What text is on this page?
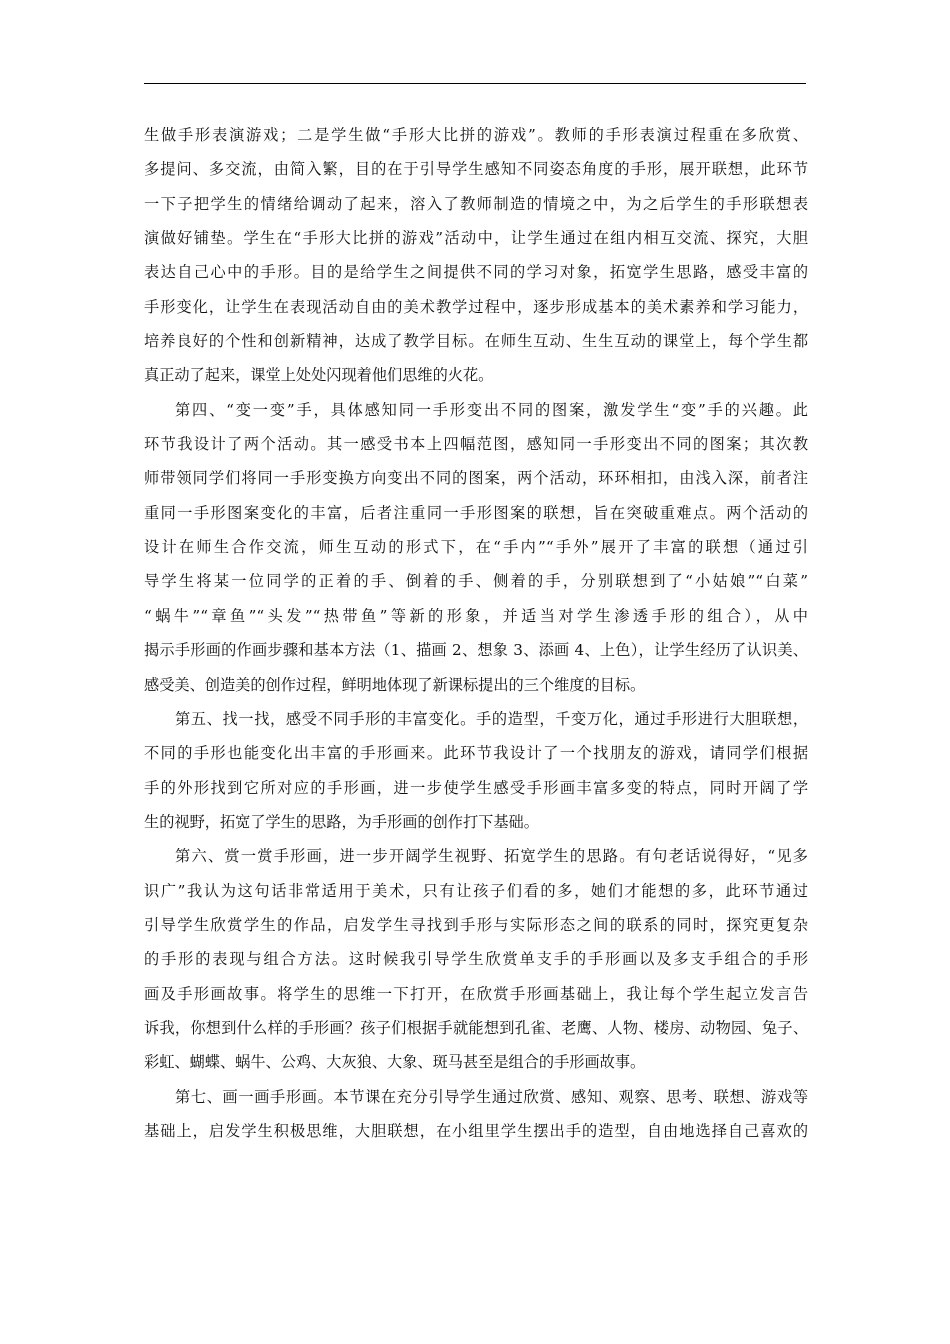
生做手形表演游戏；二是学生做“手形大比拼的游戏”。教师的手形表演过程重在多欣赏、
多提问、多交流，由简入繁，目的在于引导学生感知不同姿态角度的手形，展开联想，此环节
一下子把学生的情绪给调动了起来，溶入了教师制造的情境之中，为之后学生的手形联想表
演做好铺垫。学生在“手形大比拼的游戏”活动中，让学生通过在组内相互交流、探究，大胆
表达自己心中的手形。目的是给学生之间提供不同的学习对象，拓宽学生思路，感受丰富的
手形变化，让学生在表现活动自由的美术教学过程中，逐步形成基本的美术素养和学习能力，
培养良好的个性和创新精神，达成了教学目标。在师生互动、生生互动的课堂上，每个学生都
真正动了起来，课堂上处处闪现着他们思维的火花。
第四、“变一变”手，具体感知同一手形变出不同的图案，激发学生“变”手的兴趣。此
环节我设计了两个活动。其一感受书本上四幅范图，感知同一手形变出不同的图案；其次教
师带领同学们将同一手形变换方向变出不同的图案，两个活动，环环相扣，由浅入深，前者注
重同一手形图案变化的丰富，后者注重同一手形图案的联想，旨在突破重难点。两个活动的
设计在师生合作交流，师生互动的形式下，在“手内”“手外”展开了丰富的联想（通过引
导学生将某一位同学的正着的手、倒着的手、侧着的手，分别联想到了“小姑娘”“白菜”
“蜗牛”“章鱼”“头发”“热带鱼”等新的形象，并适当对学生渗透手形的组合），从中
揭示手形画的作画步骤和基本方法（1、描画 2、想象 3、添画 4、上色），让学生经历了认识美、
感受美、创造美的创作过程，鲜明地体现了新课标提出的三个维度的目标。
第五、找一找，感受不同手形的丰富变化。手的造型，千变万化，通过手形进行大胆联想，
不同的手形也能变化出丰富的手形画来。此环节我设计了一个找朋友的游戏，请同学们根据
手的外形找到它所对应的手形画，进一步使学生感受手形画丰富多变的特点，同时开阔了学
生的视野，拓宽了学生的思路，为手形画的创作打下基础。
第六、赏一赏手形画，进一步开阔学生视野、拓宽学生的思路。有句老话说得好，“见多
识广”我认为这句话非常适用于美术，只有让孩子们看的多，她们才能想的多，此环节通过
引导学生欣赏学生的作品，启发学生寻找到手形与实际形态之间的联系的同时，探究更复杂
的手形的表现与组合方法。这时候我引导学生欣赏单支手的手形画以及多支手组合的手形
画及手形画故事。将学生的思维一下打开，在欣赏手形画基础上，我让每个学生起立发言告
诉我，你想到什么样的手形画？孩子们根据手就能想到孔雀、老鹰、人物、楼房、动物园、兔子、
彩虹、蝴蝶、蜗牛、公鸡、大灰狼、大象、斑马甚至是组合的手形画故事。
第七、画一画手形画。本节课在充分引导学生通过欣赏、感知、观察、思考、联想、游戏等
基础上，启发学生积极思维，大胆联想，在小组里学生摆出手的造型，自由地选择自己喜欢的
